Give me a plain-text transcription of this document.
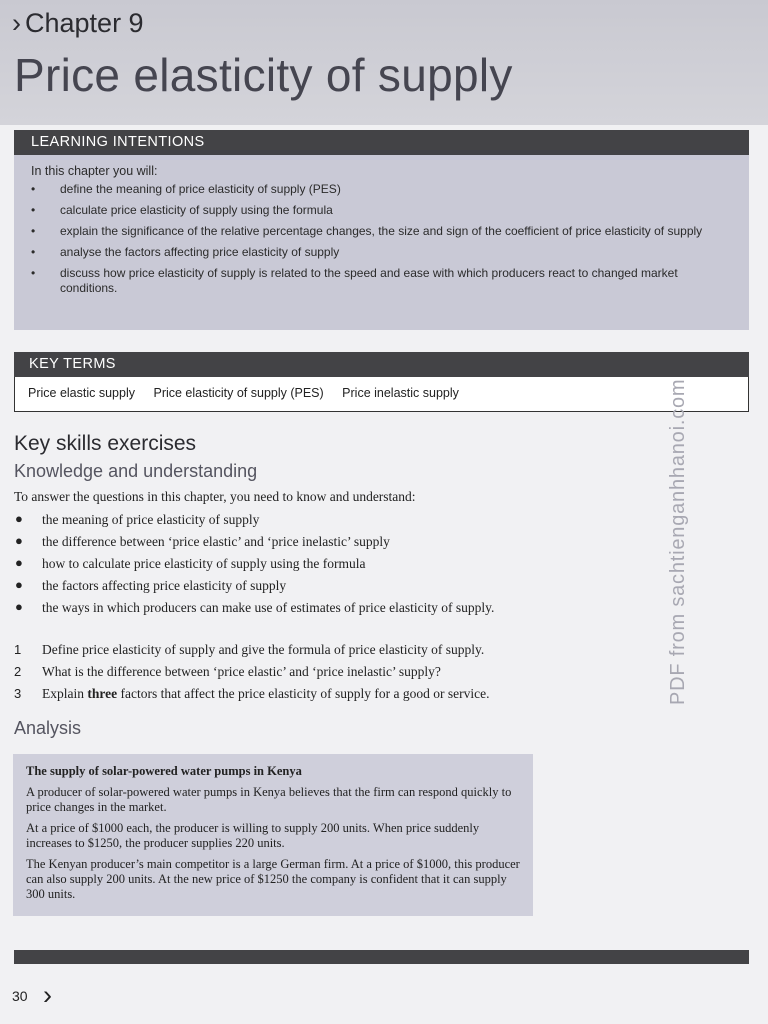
› Chapter 9
Price elasticity of supply
LEARNING INTENTIONS
In this chapter you will:
• define the meaning of price elasticity of supply (PES)
• calculate price elasticity of supply using the formula
• explain the significance of the relative percentage changes, the size and sign of the coefficient of price elasticity of supply
• analyse the factors affecting price elasticity of supply
• discuss how price elasticity of supply is related to the speed and ease with which producers react to changed market conditions.
KEY TERMS
Price elastic supply Price elasticity of supply (PES) Price inelastic supply
Key skills exercises
Knowledge and understanding
To answer the questions in this chapter, you need to know and understand:
● the meaning of price elasticity of supply
● the difference between ‘price elastic’ and ‘price inelastic’ supply
● how to calculate price elasticity of supply using the formula
● the factors affecting price elasticity of supply
● the ways in which producers can make use of estimates of price elasticity of supply.
1 Define price elasticity of supply and give the formula of price elasticity of supply.
2 What is the difference between ‘price elastic’ and ‘price inelastic’ supply?
3 Explain three factors that affect the price elasticity of supply for a good or service.
Analysis
The supply of solar-powered water pumps in Kenya

A producer of solar-powered water pumps in Kenya believes that the firm can respond quickly to price changes in the market.

At a price of $1000 each, the producer is willing to supply 200 units. When price suddenly increases to $1250, the producer supplies 220 units.

The Kenyan producer’s main competitor is a large German firm. At a price of $1000, this producer can also supply 200 units. At the new price of $1250 the company is confident that it can supply 300 units.

30 ›
PDF from sachtienganhhanoi.com
